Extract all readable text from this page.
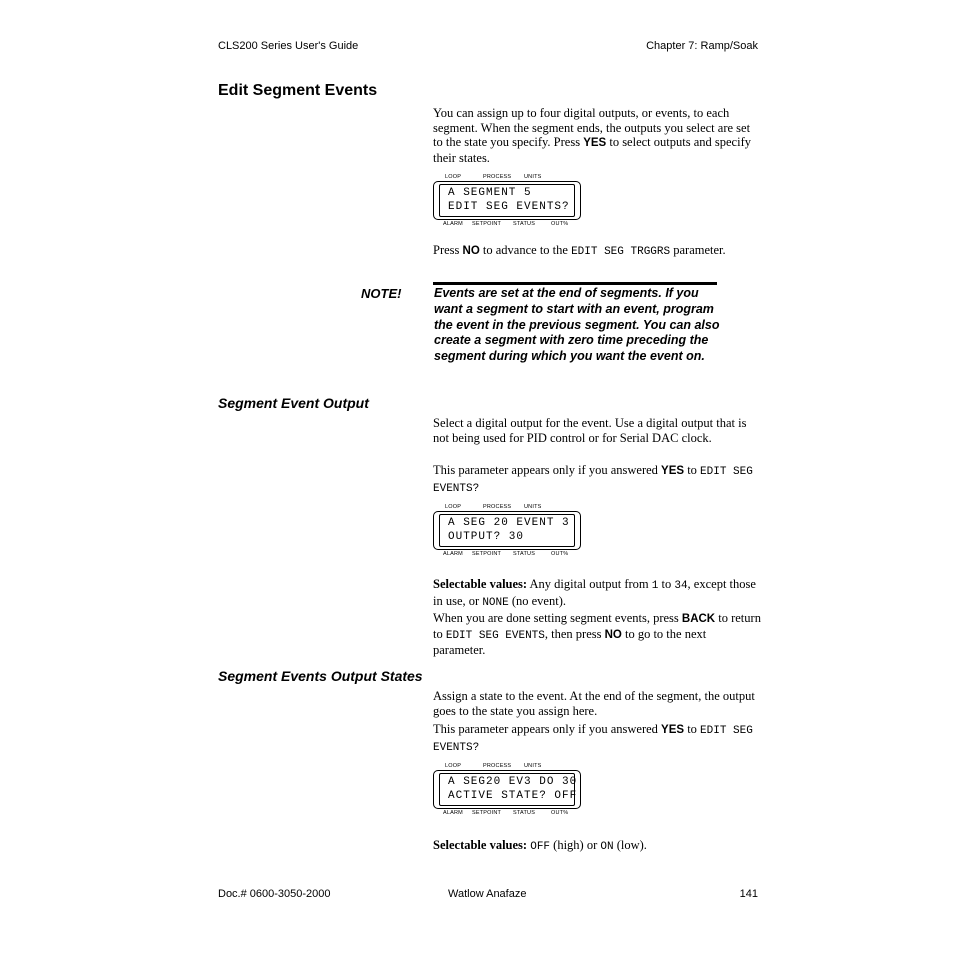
CLS200 Series User's Guide	Chapter 7: Ramp/Soak
Edit Segment Events

You can assign up to four digital outputs, or events, to each segment. When the segment ends, the outputs you select are set to the state you specify. Press YES to select outputs and specify their states.

LOOP	PROCESS UNITS
A SEGMENT 5
EDIT SEG EVENTS?
ALARM SETPOINT STATUS	OUT%

Press NO to advance to the EDIT SEG TRGGRS parameter.

NOTE!	Events are set at the end of segments. If you want a segment to start with an event, program the event in the previous segment. You can also create a segment with zero time preceding the segment during which you want the event on.

Segment Event Output

Select a digital output for the event. Use a digital output that is not being used for PID control or for Serial DAC clock.

This parameter appears only if you answered YES to EDIT SEG EVENTS?

LOOP	PROCESS UNITS
A SEG 20 EVENT 3
OUTPUT? 30
ALARM SETPOINT STATUS	OUT%

Selectable values: Any digital output from 1 to 34, except those in use, or NONE (no event).

When you are done setting segment events, press BACK to return to EDIT SEG EVENTS, then press NO to go to the next parameter.

Segment Events Output States

Assign a state to the event. At the end of the segment, the output goes to the state you assign here.

This parameter appears only if you answered YES to EDIT SEG EVENTS?

LOOP	PROCESS UNITS
A SEG20 EV3 DO 30
ACTIVE STATE? OFF
ALARM SETPOINT STATUS	OUT%

Selectable values: OFF (high) or ON (low).

Doc.# 0600-3050-2000	Watlow Anafaze	141
